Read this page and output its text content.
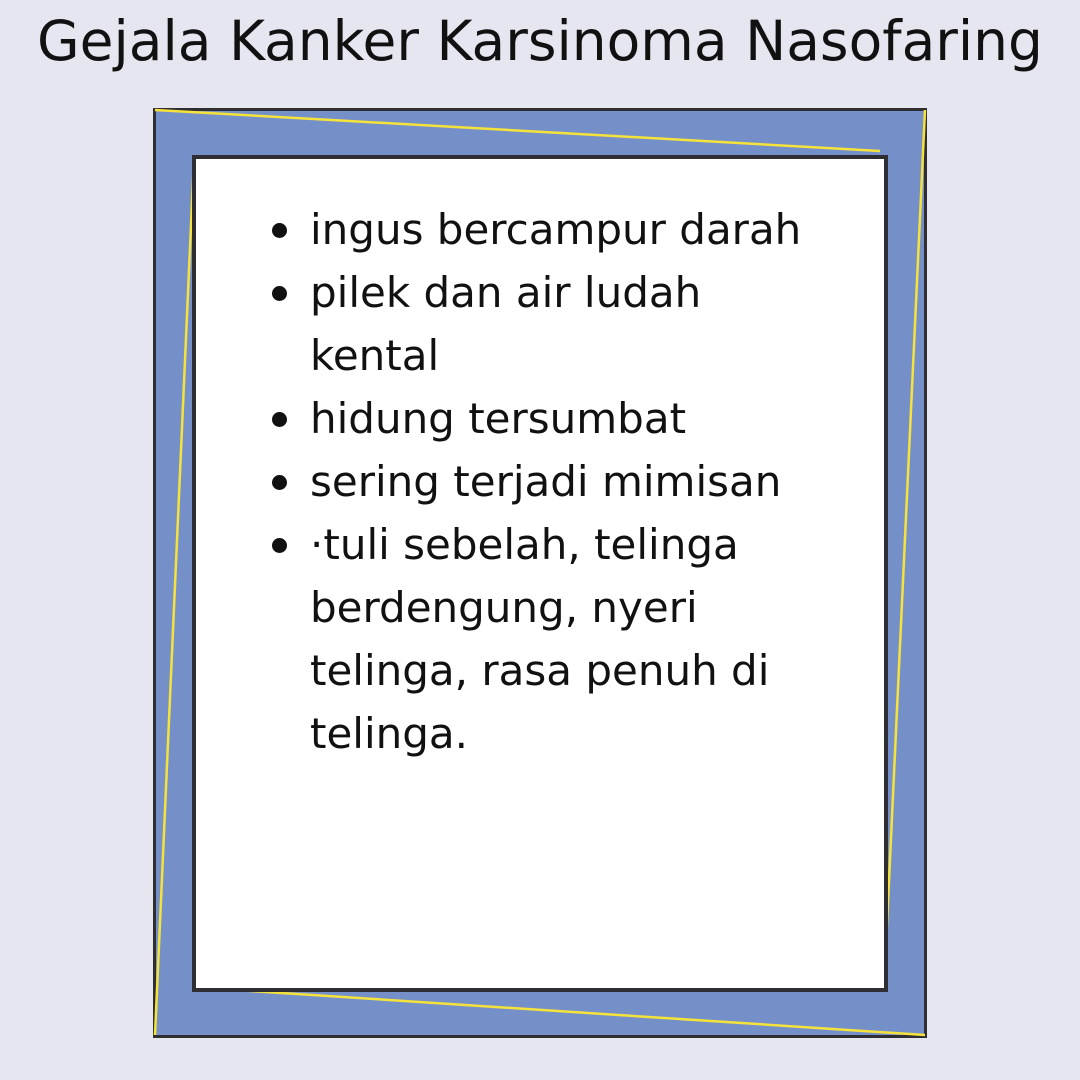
Gejala Kanker Karsinoma Nasofaring
ingus bercampur darah
pilek dan air ludah kental
hidung tersumbat
sering terjadi mimisan
·tuli sebelah, telinga berdengung, nyeri telinga, rasa penuh di telinga.
